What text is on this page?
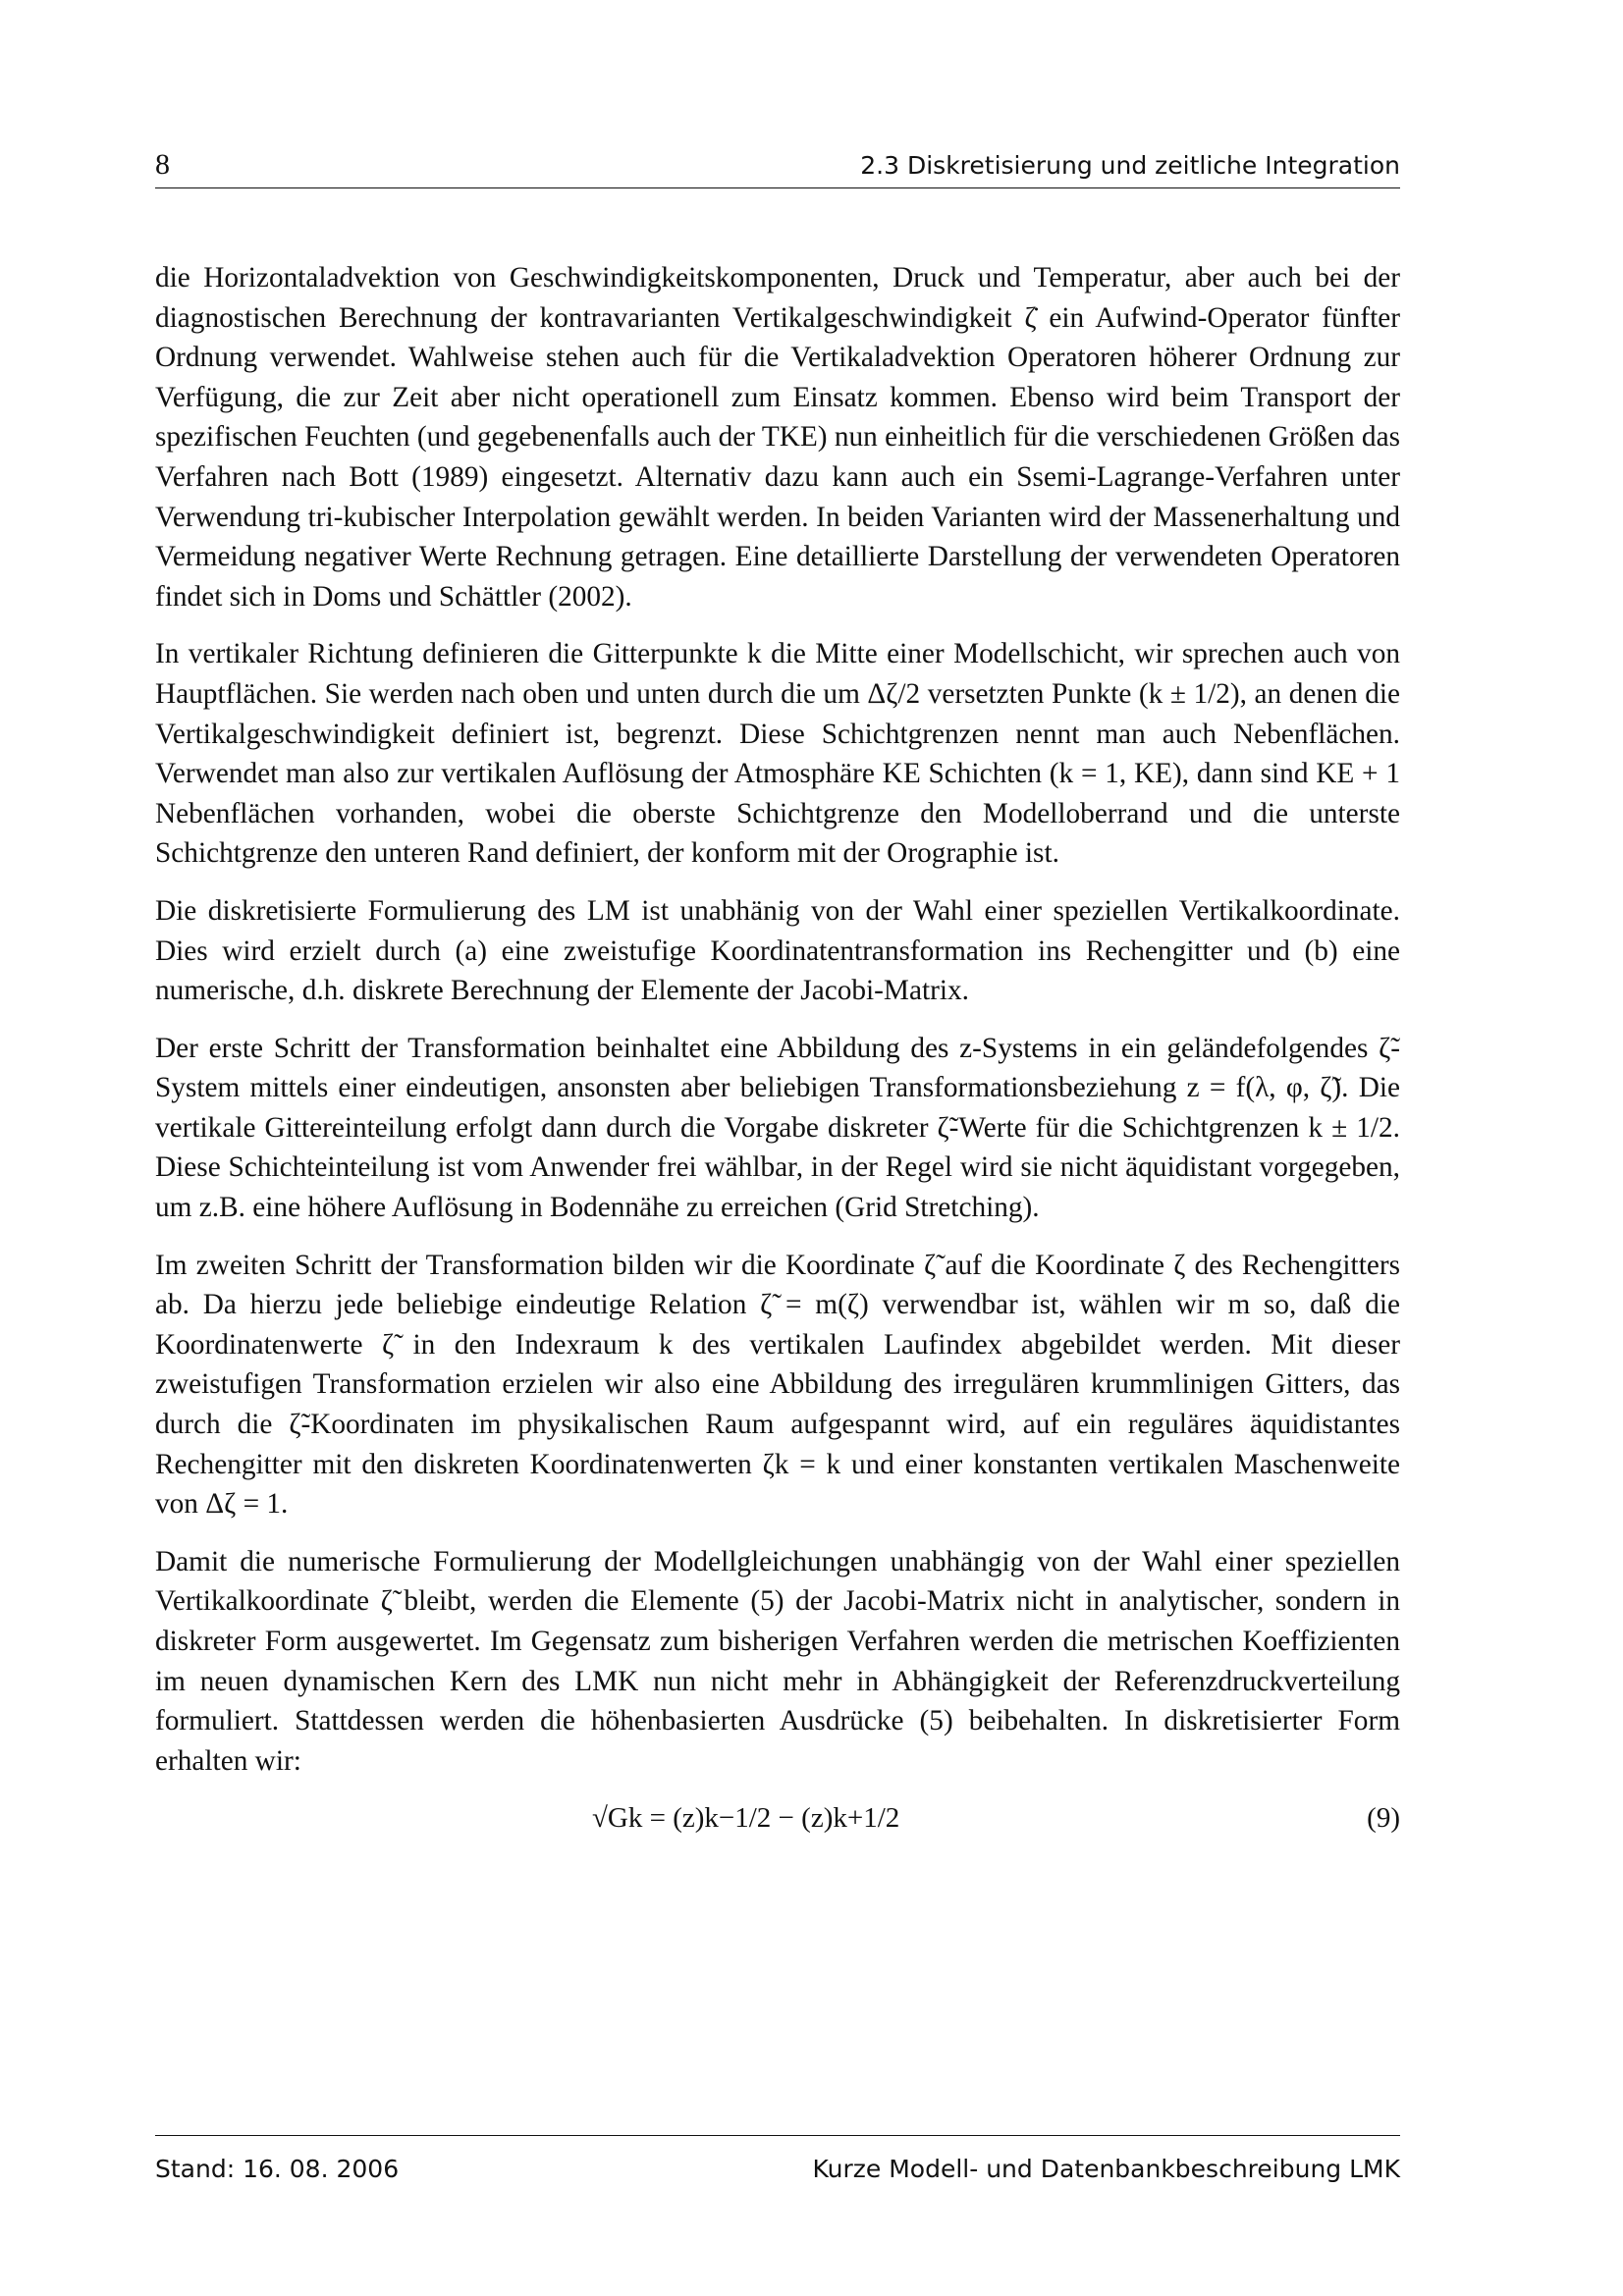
8	2.3 Diskretisierung und zeitliche Integration

die Horizontaladvektion von Geschwindigkeitskomponenten, Druck und Temperatur, aber auch bei der diagnostischen Berechnung der kontravarianten Vertikalgeschwindigkeit ζ̇ ein Aufwind-Operator fünfter Ordnung verwendet. Wahlweise stehen auch für die Vertikaladvektion Operatoren höherer Ordnung zur Verfügung, die zur Zeit aber nicht operationell zum Einsatz kommen. Ebenso wird beim Transport der spezifischen Feuchten (und gegebenenfalls auch der TKE) nun einheitlich für die verschiedenen Größen das Verfahren nach Bott (1989) eingesetzt. Alternativ dazu kann auch ein Ssemi-Lagrange-Verfahren unter Verwendung tri-kubischer Interpolation gewählt werden. In beiden Varianten wird der Massenerhaltung und Vermeidung negativer Werte Rechnung getragen. Eine detaillierte Darstellung der verwendeten Operatoren findet sich in Doms und Schättler (2002).

In vertikaler Richtung definieren die Gitterpunkte k die Mitte einer Modellschicht, wir sprechen auch von Hauptflächen. Sie werden nach oben und unten durch die um Δζ/2 versetzten Punkte (k ± 1/2), an denen die Vertikalgeschwindigkeit definiert ist, begrenzt. Diese Schichtgrenzen nennt man auch Nebenflächen. Verwendet man also zur vertikalen Auflösung der Atmosphäre KE Schichten (k = 1, KE), dann sind KE + 1 Nebenflächen vorhanden, wobei die oberste Schichtgrenze den Modelloberrand und die unterste Schichtgrenze den unteren Rand definiert, der konform mit der Orographie ist.

Die diskretisierte Formulierung des LM ist unabhänig von der Wahl einer speziellen Vertikalkoordinate. Dies wird erzielt durch (a) eine zweistufige Koordinatentransformation ins Rechengitter und (b) eine numerische, d.h. diskrete Berechnung der Elemente der Jacobi-Matrix.

Der erste Schritt der Transformation beinhaltet eine Abbildung des z-Systems in ein geländefolgendes ζ̃-System mittels einer eindeutigen, ansonsten aber beliebigen Transformationsbeziehung z = f(λ, φ, ζ̃). Die vertikale Gittereinteilung erfolgt dann durch die Vorgabe diskreter ζ̃-Werte für die Schichtgrenzen k ± 1/2. Diese Schichteinteilung ist vom Anwender frei wählbar, in der Regel wird sie nicht äquidistant vorgegeben, um z.B. eine höhere Auflösung in Bodennähe zu erreichen (Grid Stretching).

Im zweiten Schritt der Transformation bilden wir die Koordinate ζ̃ auf die Koordinate ζ des Rechengitters ab. Da hierzu jede beliebige eindeutige Relation ζ̃ = m(ζ) verwendbar ist, wählen wir m so, daß die Koordinatenwerte ζ̃ in den Indexraum k des vertikalen Laufindex abgebildet werden. Mit dieser zweistufigen Transformation erzielen wir also eine Abbildung des irregulären krummlinigen Gitters, das durch die ζ̃-Koordinaten im physikalischen Raum aufgespannt wird, auf ein reguläres äquidistantes Rechengitter mit den diskreten Koordinatenwerten ζk = k und einer konstanten vertikalen Maschenweite von Δζ = 1.

Damit die numerische Formulierung der Modellgleichungen unabhängig von der Wahl einer speziellen Vertikalkoordinate ζ̃ bleibt, werden die Elemente (5) der Jacobi-Matrix nicht in analytischer, sondern in diskreter Form ausgewertet. Im Gegensatz zum bisherigen Verfahren werden die metrischen Koeffizienten im neuen dynamischen Kern des LMK nun nicht mehr in Abhängigkeit der Referenzdruckverteilung formuliert. Stattdessen werden die höhenbasierten Ausdrücke (5) beibehalten. In diskretisierter Form erhalten wir:

√Gk = (z)k−1/2 − (z)k+1/2	(9)
Stand: 16. 08. 2006	Kurze Modell- und Datenbankbeschreibung LMK
